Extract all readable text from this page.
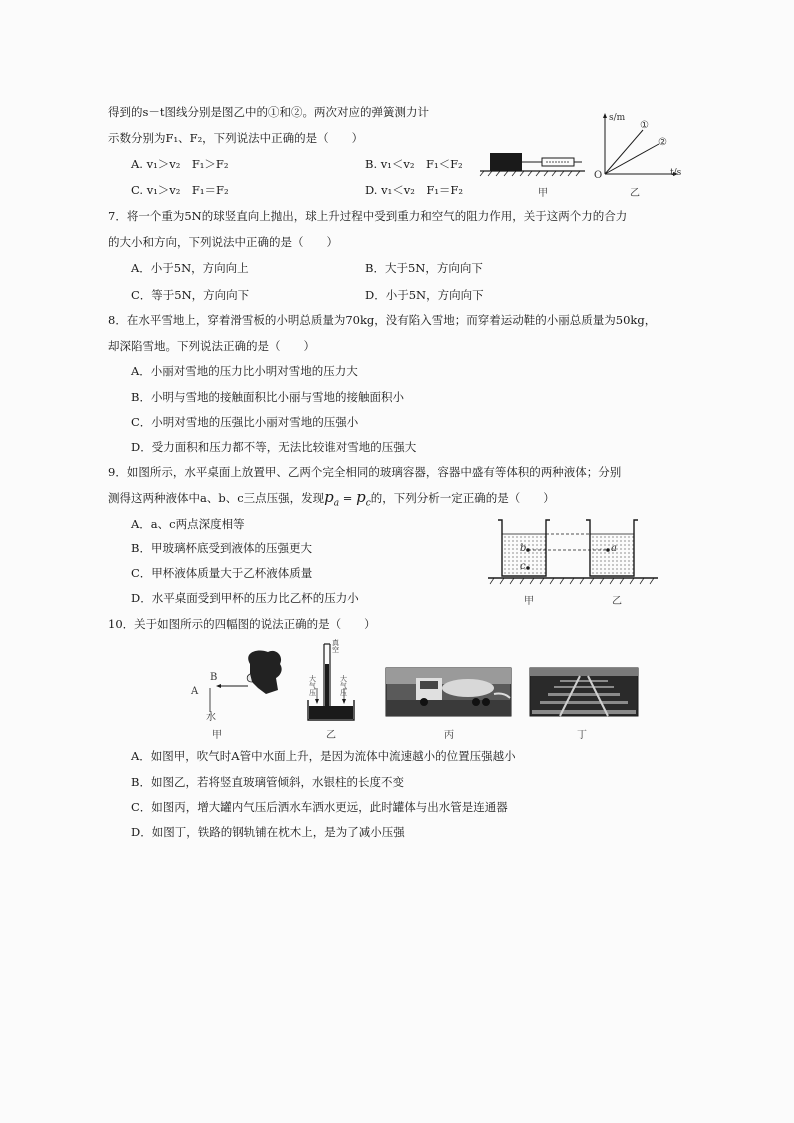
得到的s－t图线分别是图乙中的①和②。两次对应的弹簧测力计
示数分别为F₁、F₂，下列说法中正确的是（　　）
A. v₁＞v₂　F₁＞F₂	B. v₁＜v₂　F₁＜F₂
C. v₁＞v₂　F₁＝F₂	D. v₁＜v₂　F₁＝F₂	甲
s/m
t/s
O
①
②
乙
7．将一个重为5N的球竖直向上抛出，球上升过程中受到重力和空气的阻力作用，关于这两个力的合力
的大小和方向，下列说法中正确的是（　　）
A．小于5N，方向向上	B．大于5N，方向向下
C．等于5N，方向向下	D．小于5N，方向向下
8．在水平雪地上，穿着滑雪板的小明总质量为70kg，没有陷入雪地；而穿着运动鞋的小丽总质量为50kg，
却深陷雪地。下列说法正确的是（　　）
A．小丽对雪地的压力比小明对雪地的压力大
B．小明与雪地的接触面积比小丽与雪地的接触面积小
C．小明对雪地的压强比小丽对雪地的压强小
D．受力面积和压力都不等，无法比较谁对雪地的压强大
9．如图所示，水平桌面上放置甲、乙两个完全相同的玻璃容器，容器中盛有等体积的两种液体；分别
测得这两种液体中a、b、c三点压强，发现$p_a = p_c$的，下列分析一定正确的是（　　）
A．a、c两点深度相等
B．甲玻璃杯底受到液体的压强更大
C．甲杯液体质量大于乙杯液体质量
D．水平桌面受到甲杯的压力比乙杯的压力小
b
c
a
甲	乙
10．关于如图所示的四幅图的说法正确的是（　　）
B
A
水
甲
真空
大气压
大气压
乙	丙	丁
A．如图甲，吹气时A管中水面上升，是因为流体中流速越小的位置压强越小
B．如图乙，若将竖直玻璃管倾斜，水银柱的长度不变
C．如图丙，增大罐内气压后洒水车洒水更远，此时罐体与出水管是连通器
D．如图丁，铁路的钢轨铺在枕木上，是为了减小压强
